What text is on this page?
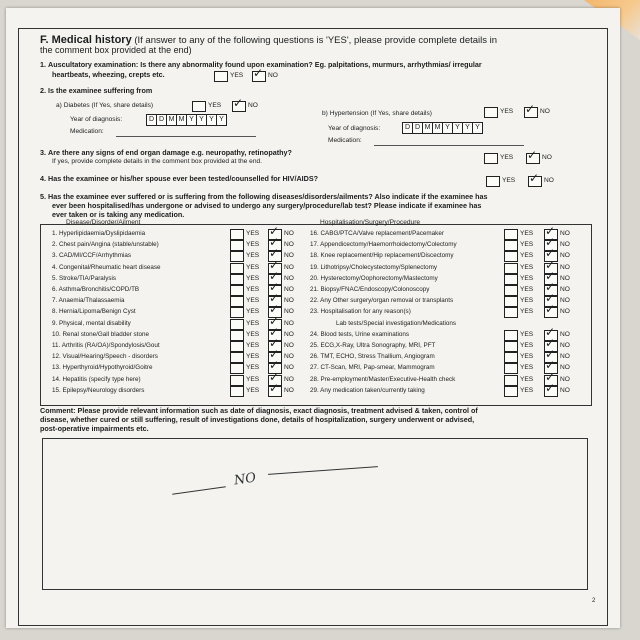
F. Medical history (If answer to any of the following questions is 'YES', please provide complete details in
the comment box provided at the end)
1. Auscultatory examination: Is there any abnormality found upon examination? Eg. palpitations, murmurs, arrhythmias/ irregular
heartbeats, wheezing, crepts etc.	YES ✓	NO
2. Is the examinee suffering from
a) Diabetes (If Yes, share details)	YES ✓	NO
Year of diagnosis:	D D M M Y Y Y Y
Medication:
b) Hypertension (If Yes, share details)	YES ✓	NO
Year of diagnosis:	D D M M Y Y Y Y
Medication:
3. Are there any signs of end organ damage e.g. neuropathy, retinopathy?
If yes, provide complete details in the comment box provided at the end.
YES ✓	NO
4. Has the examinee or his/her spouse ever been tested/counselled for HIV/AIDS?	YES ✓	NO
5. Has the examinee ever suffered or is suffering from the following diseases/disorders/ailments? Also indicate if the examinee has
ever been hospitalised/has undergone or advised to undergo any surgery/procedure/lab test? Please indicate if examinee has
ever taken or is taking any medication.
Disease/Disorder/Ailment	Hospitalisation/Surgery/Procedure
1. Hyperlipidaemia/Dyslipidaemia	YES ✓	NO	16. CABG/PTCA/Valve replacement/Pacemaker	YES ✓	NO
2. Chest pain/Angina (stable/unstable)	YES ✓	NO	17. Appendicectomy/Haemorrhoidectomy/Colectomy	YES ✓	NO
3. CAD/MI/CCF/Arrhythmias	YES ✓	NO	18. Knee replacement/Hip replacement/Discectomy	YES ✓	NO
4. Congenital/Rheumatic heart disease	YES ✓	NO	19. Lithotripsy/Cholecystectomy/Splenectomy	YES ✓	NO
5. Stroke/TIA/Paralysis	YES ✓	NO	20. Hysterectomy/Oophorectomy/Mastectomy	YES ✓	NO
6. Asthma/Bronchitis/COPD/TB	YES ✓	NO	21. Biopsy/FNAC/Endoscopy/Colonoscopy	YES ✓	NO
7. Anaemia/Thalassaemia	YES ✓	NO	22. Any Other surgery/organ removal or transplants	YES ✓	NO
8. Hernia/Lipoma/Benign Cyst	YES ✓	NO	23. Hospitalisation for any reason(s)	YES ✓	NO
9. Physical, mental disability	YES ✓	NO	Lab tests/Special investigation/Medications
10. Renal stone/Gall bladder stone	YES ✓	NO	24. Blood tests, Urine examinations	YES ✓	NO
11. Arthritis (RA/OA)/Spondylosis/Gout	YES ✓	NO	25. ECG,X-Ray, Ultra Sonography, MRI, PFT	YES ✓	NO
12. Visual/Hearing/Speech - disorders	YES ✓	NO	26. TMT, ECHO, Stress Thallium, Angiogram	YES ✓	NO
13. Hyperthyroid/Hypothyroid/Goitre	YES ✓	NO	27. CT-Scan, MRI, Pap-smear, Mammogram	YES ✓	NO
14. Hepatitis (specify type here)	YES ✓	NO	28. Pre-employment/Master/Executive-Health check	YES ✓	NO
15. Epilepsy/Neurology disorders	YES ✓	NO	29. Any medication taken/currently taking	YES ✓	NO
Comment: Please provide relevant information such as date of diagnosis, exact diagnosis, treatment advised & taken, control of
disease, whether cured or still suffering, result of investigations done, details of hospitalization, surgery underwent or advised,
post-operative impairments etc.
NO
2
